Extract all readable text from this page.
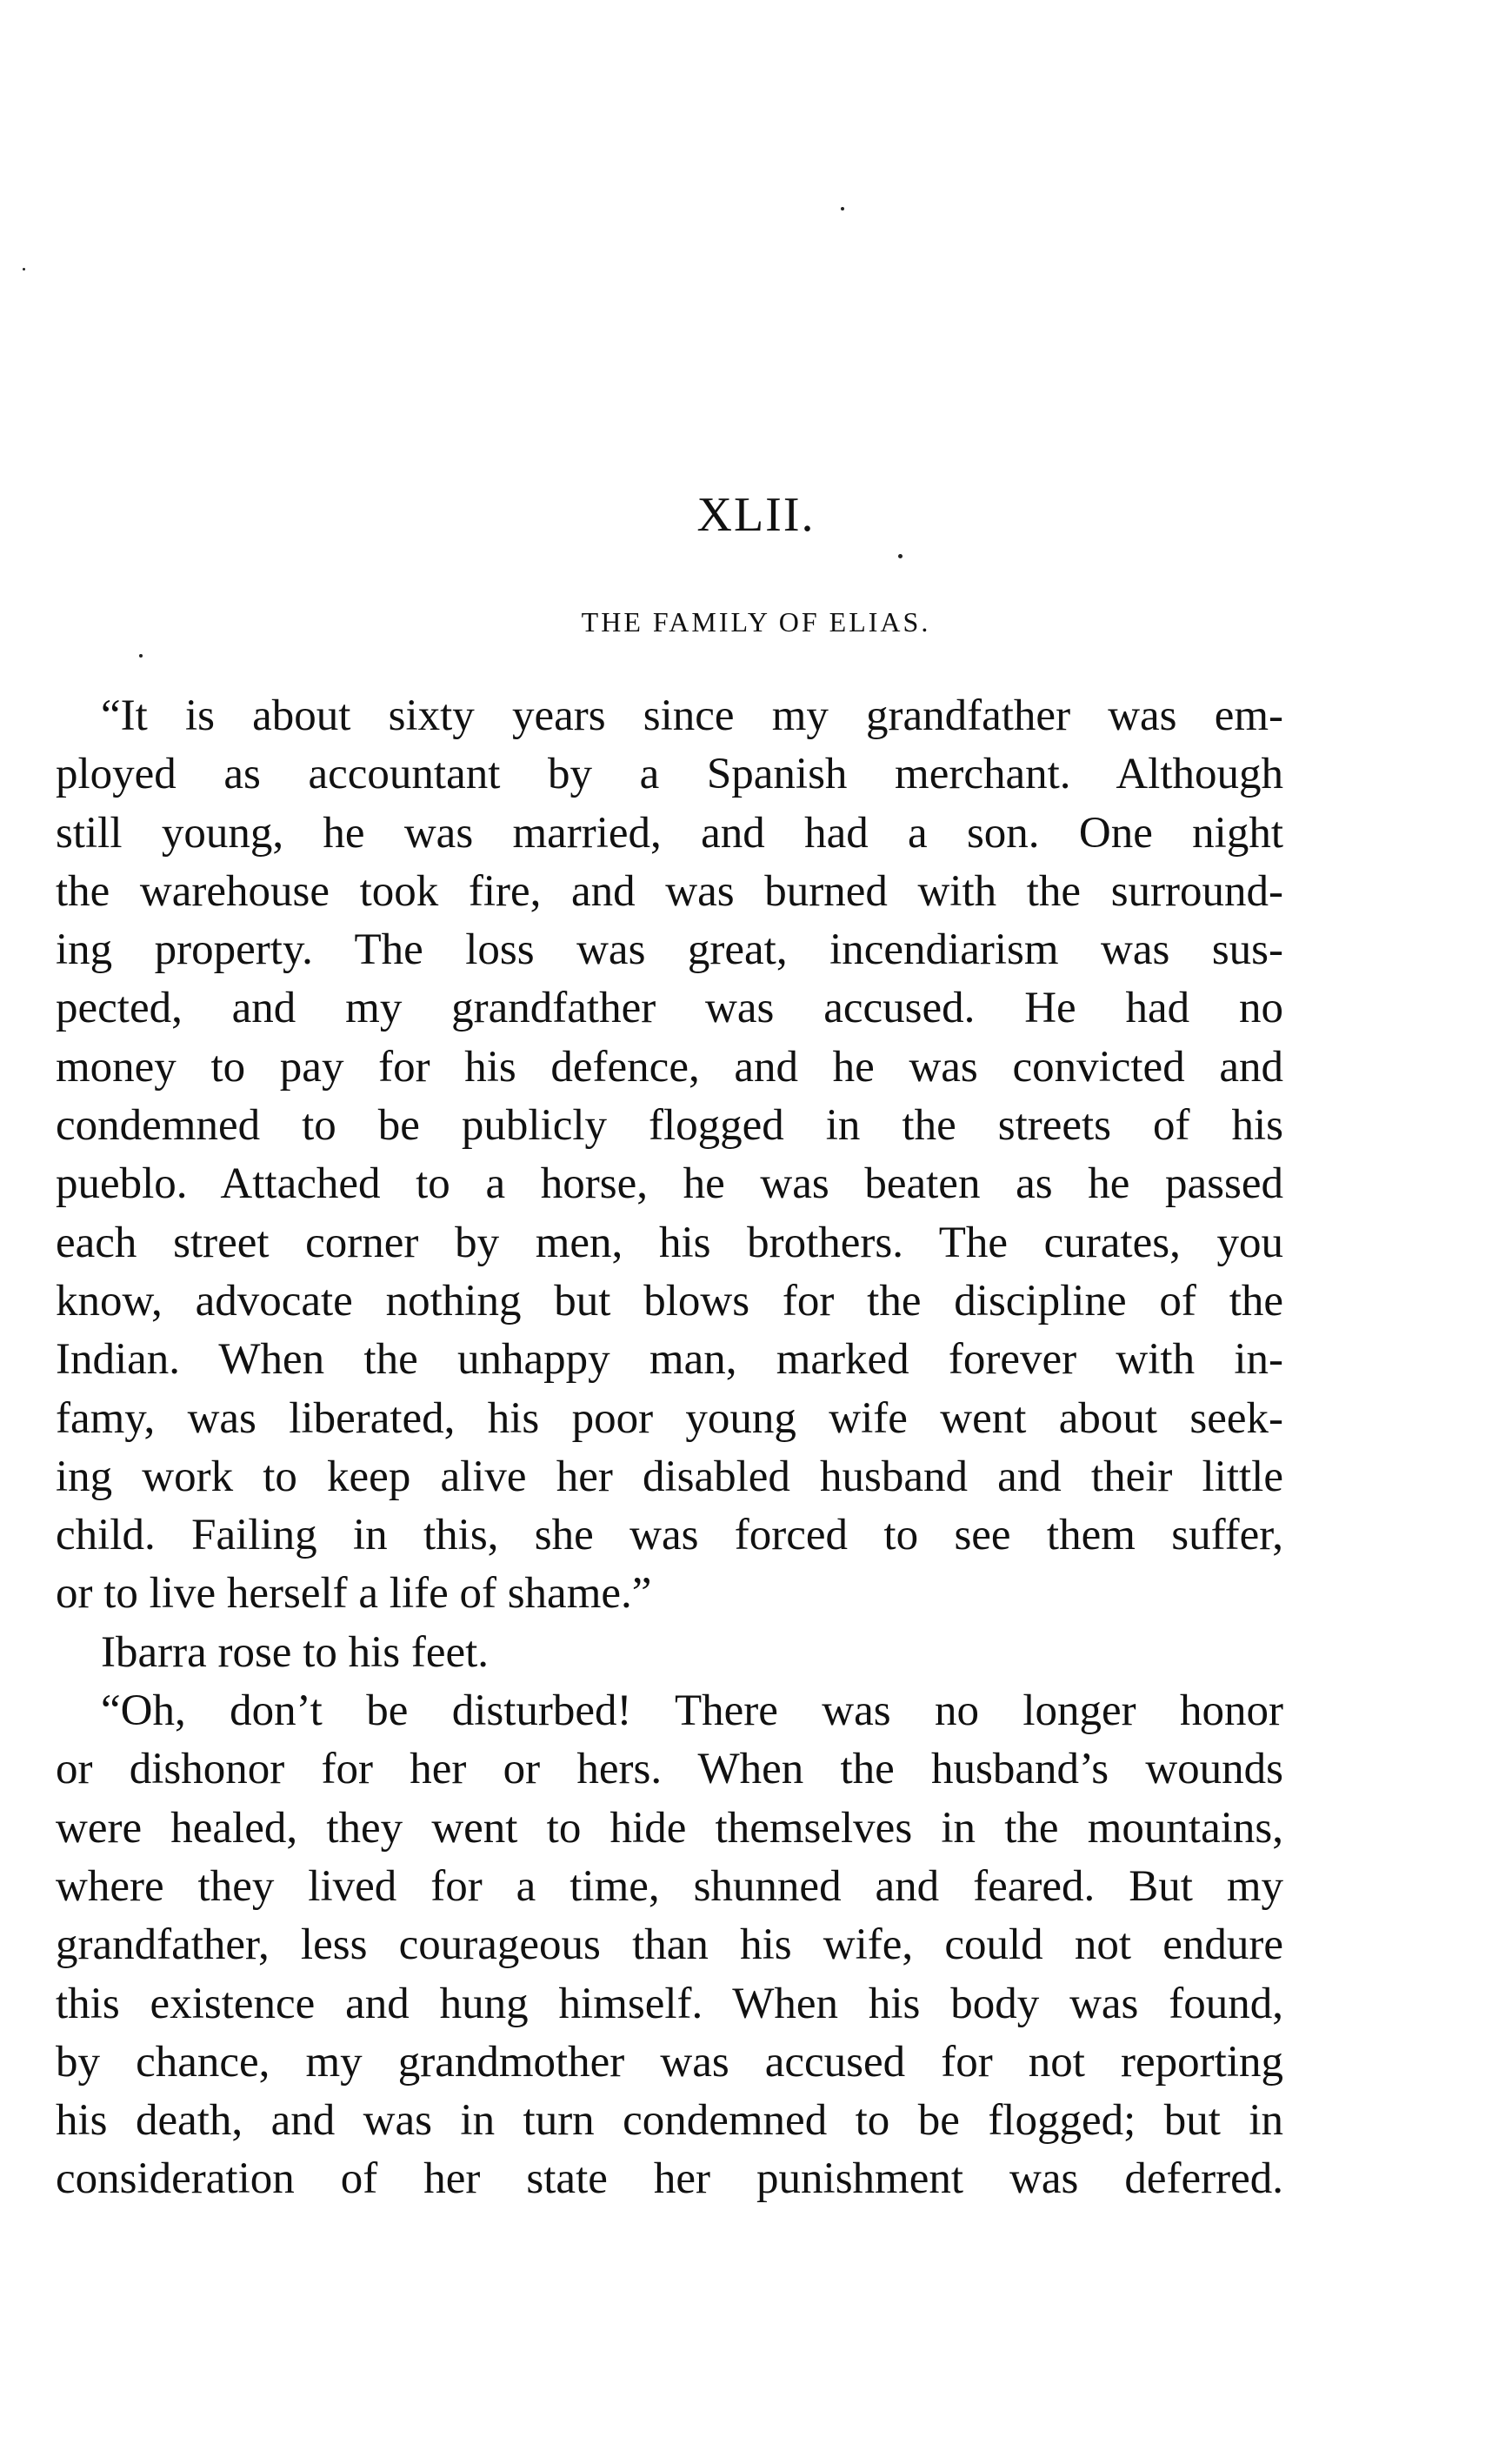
XLII.
THE FAMILY OF ELIAS.
“It is about sixty years since my grandfather was em-
ployed as accountant by a Spanish merchant. Although
still young, he was married, and had a son. One night
the warehouse took fire, and was burned with the surround-
ing property. The loss was great, incendiarism was sus-
pected, and my grandfather was accused. He had no
money to pay for his defence, and he was convicted and
condemned to be publicly flogged in the streets of his
pueblo. Attached to a horse, he was beaten as he passed
each street corner by men, his brothers. The curates, you
know, advocate nothing but blows for the discipline of the
Indian. When the unhappy man, marked forever with in-
famy, was liberated, his poor young wife went about seek-
ing work to keep alive her disabled husband and their little
child. Failing in this, she was forced to see them suffer,
or to live herself a life of shame.”
Ibarra rose to his feet.
“Oh, don’t be disturbed! There was no longer honor
or dishonor for her or hers. When the husband’s wounds
were healed, they went to hide themselves in the mountains,
where they lived for a time, shunned and feared. But my
grandfather, less courageous than his wife, could not endure
this existence and hung himself. When his body was found,
by chance, my grandmother was accused for not reporting
his death, and was in turn condemned to be flogged; but in
consideration of her state her punishment was deferred.
